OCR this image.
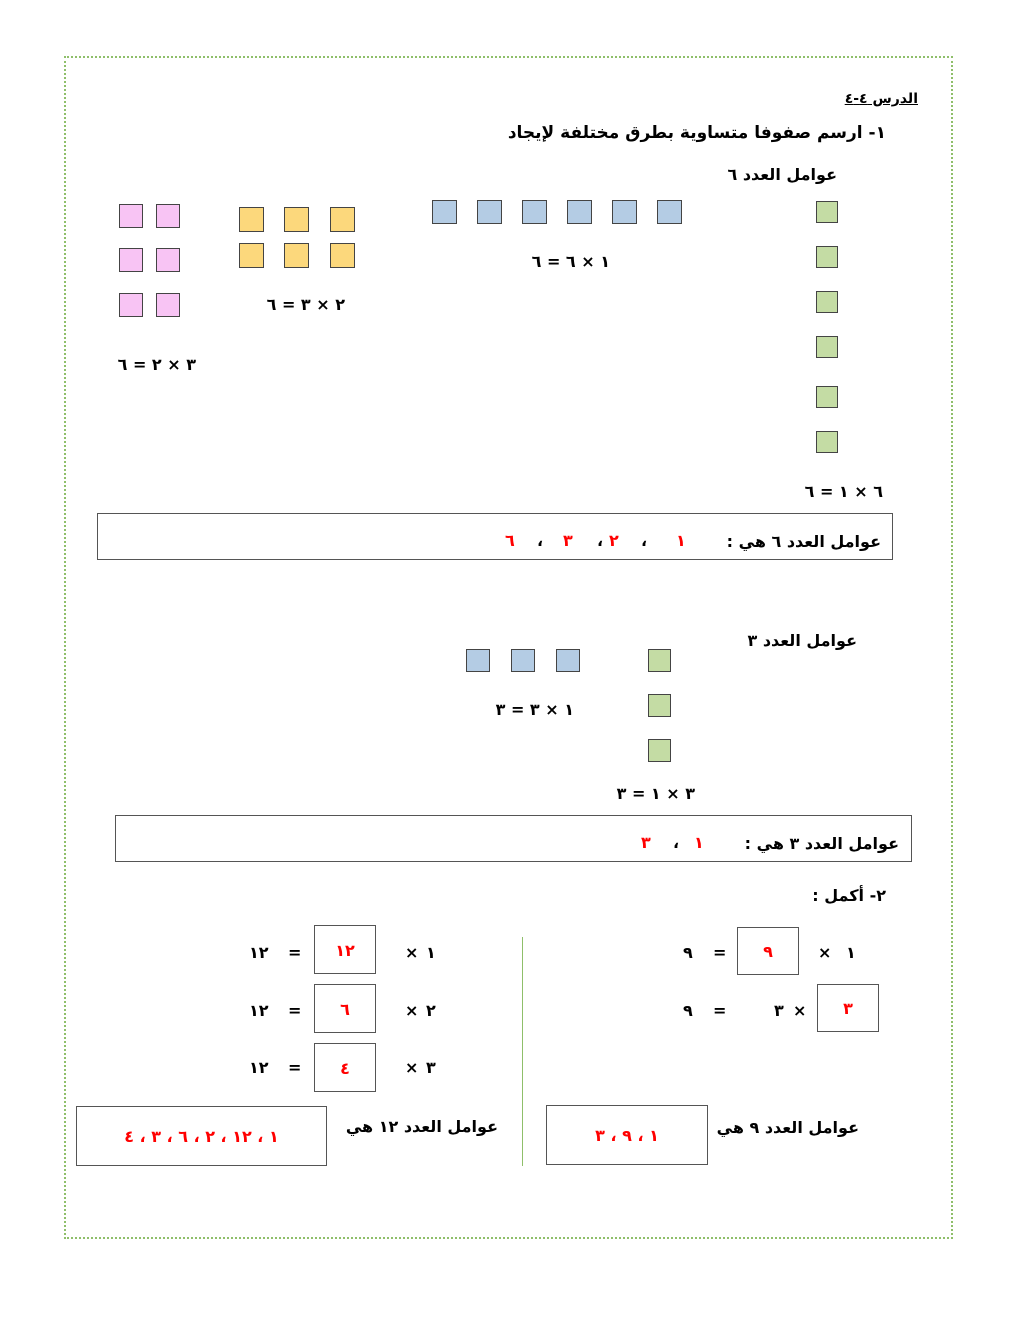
الدرس ٤-٤
١- ارسم صفوفا متساوية بطرق مختلفة لإيجاد
عوامل العدد ٦
٦ × ١ = ٦
١ × ٦ = ٦
٢ × ٣ = ٦
٣ × ٢ = ٦
عوامل العدد ٦ هي :
١
،
٢
،
٣
،
٦
عوامل العدد ٣
١ × ٣ = ٣
٣ × ١ = ٣
عوامل العدد ٣ هي :
١
،
٣
٢- أكمل :
١
×
٩
=
٩
٣
×
٣
=
٩
عوامل العدد ٩ هي
١ ، ٩ ، ٣
١
×
١٢
=
١٢
٢
×
٦
=
١٢
٣
×
٤
=
١٢
عوامل العدد ١٢ هي
١ ، ١٢ ، ٢ ، ٦ ، ٣ ، ٤
